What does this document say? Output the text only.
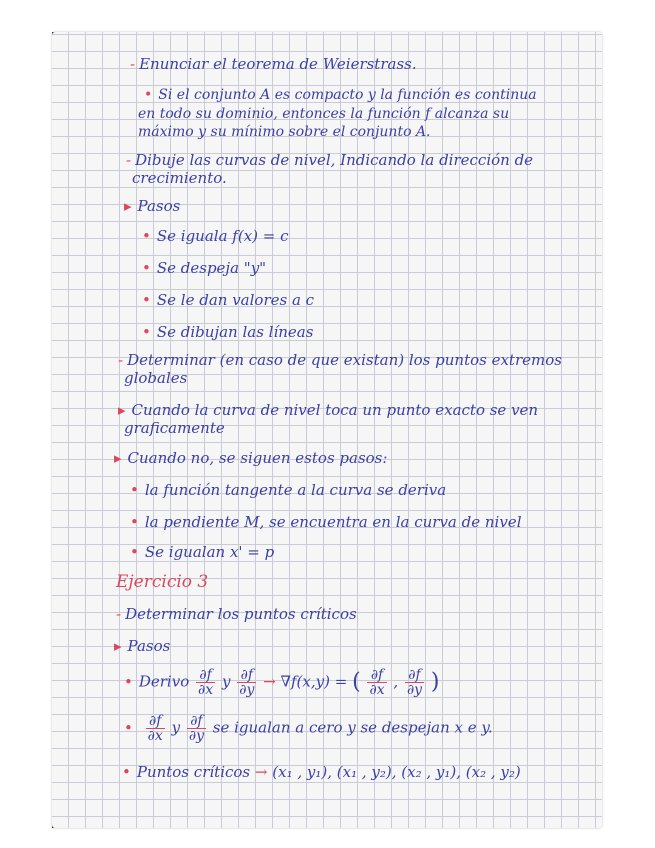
- Enunciar el teorema de Weierstrass.
• Si el conjunto A es compacto y la función es continua
en todo su dominio, entonces la función f alcanza su
máximo y su mínimo sobre el conjunto A.
- Dibuje las curvas de nivel, Indicando la dirección de
crecimiento.
▸ Pasos
• Se iguala f(x) = c
• Se despeja "y"
• Se le dan valores a c
• Se dibujan las líneas
- Determinar (en caso de que existan) los puntos extremos
globales
▸ Cuando la curva de nivel toca un punto exacto se ven
graficamente
▸ Cuando no, se siguen estos pasos:
• la función tangente a la curva se deriva
• la pendiente M, se encuentra en la curva de nivel
• Se igualan x' = p
Ejercicio 3
- Determinar los puntos críticos
▸ Pasos
• Derivo $\frac{\partial f}{\partial x}$ y $\frac{\partial f}{\partial y} \to \nabla f(x,y)$ = ( $\frac{\partial f}{\partial x}$ , $\frac{\partial f}{\partial y}$ )
• $\frac{\partial f}{\partial x}$ y $\frac{\partial f}{\partial y}$ se igualan a cero y se despejan x e y.
• Puntos críticos → (x₁ , y₁), (x₁ , y₂), (x₂ , y₁), (x₂ , y₂)
